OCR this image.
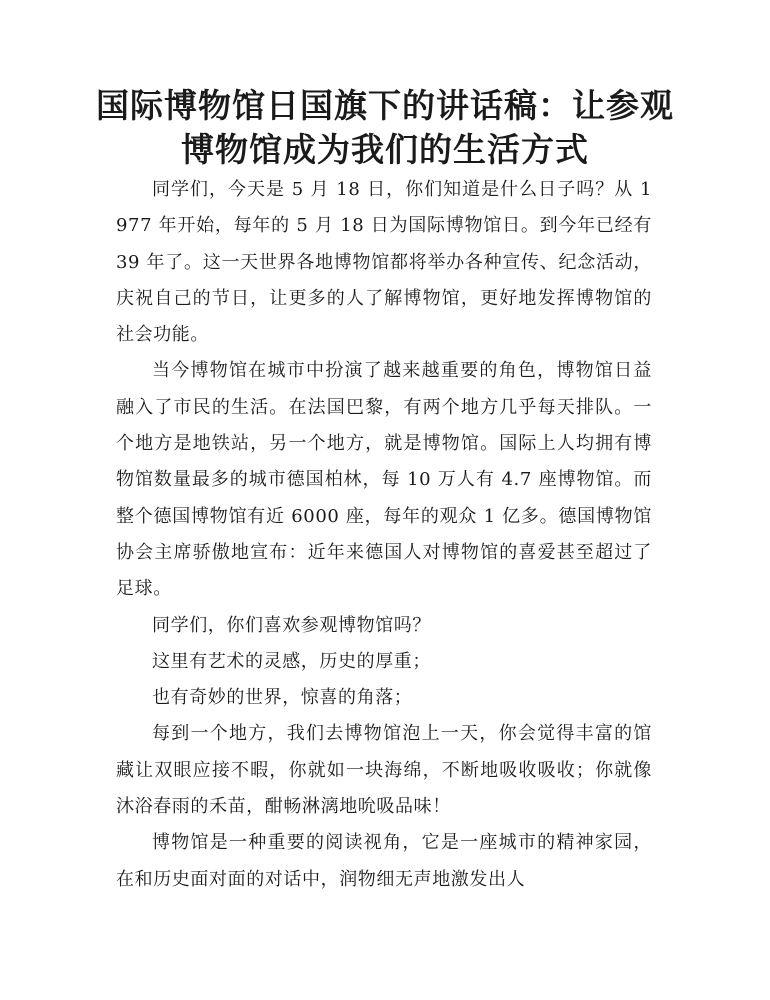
国际博物馆日国旗下的讲话稿：让参观
博物馆成为我们的生活方式

同学们，今天是 5 月 18 日，你们知道是什么日子吗？从 1977 年开始，每年的 5 月 18 日为国际博物馆日。到今年已经有 39 年了。这一天世界各地博物馆都将举办各种宣传、纪念活动，庆祝自己的节日，让更多的人了解博物馆，更好地发挥博物馆的社会功能。

当今博物馆在城市中扮演了越来越重要的角色，博物馆日益融入了市民的生活。在法国巴黎，有两个地方几乎每天排队。一个地方是地铁站，另一个地方，就是博物馆。国际上人均拥有博物馆数量最多的城市德国柏林，每 10 万人有 4.7 座博物馆。而整个德国博物馆有近 6000 座，每年的观众 1 亿多。德国博物馆协会主席骄傲地宣布：近年来德国人对博物馆的喜爱甚至超过了足球。

同学们，你们喜欢参观博物馆吗？

这里有艺术的灵感，历史的厚重；

也有奇妙的世界，惊喜的角落；

每到一个地方，我们去博物馆泡上一天，你会觉得丰富的馆藏让双眼应接不暇，你就如一块海绵，不断地吸收吸收；你就像沐浴春雨的禾苗，酣畅淋漓地吮吸品味！

博物馆是一种重要的阅读视角，它是一座城市的精神家园，在和历史面对面的对话中，润物细无声地激发出人
